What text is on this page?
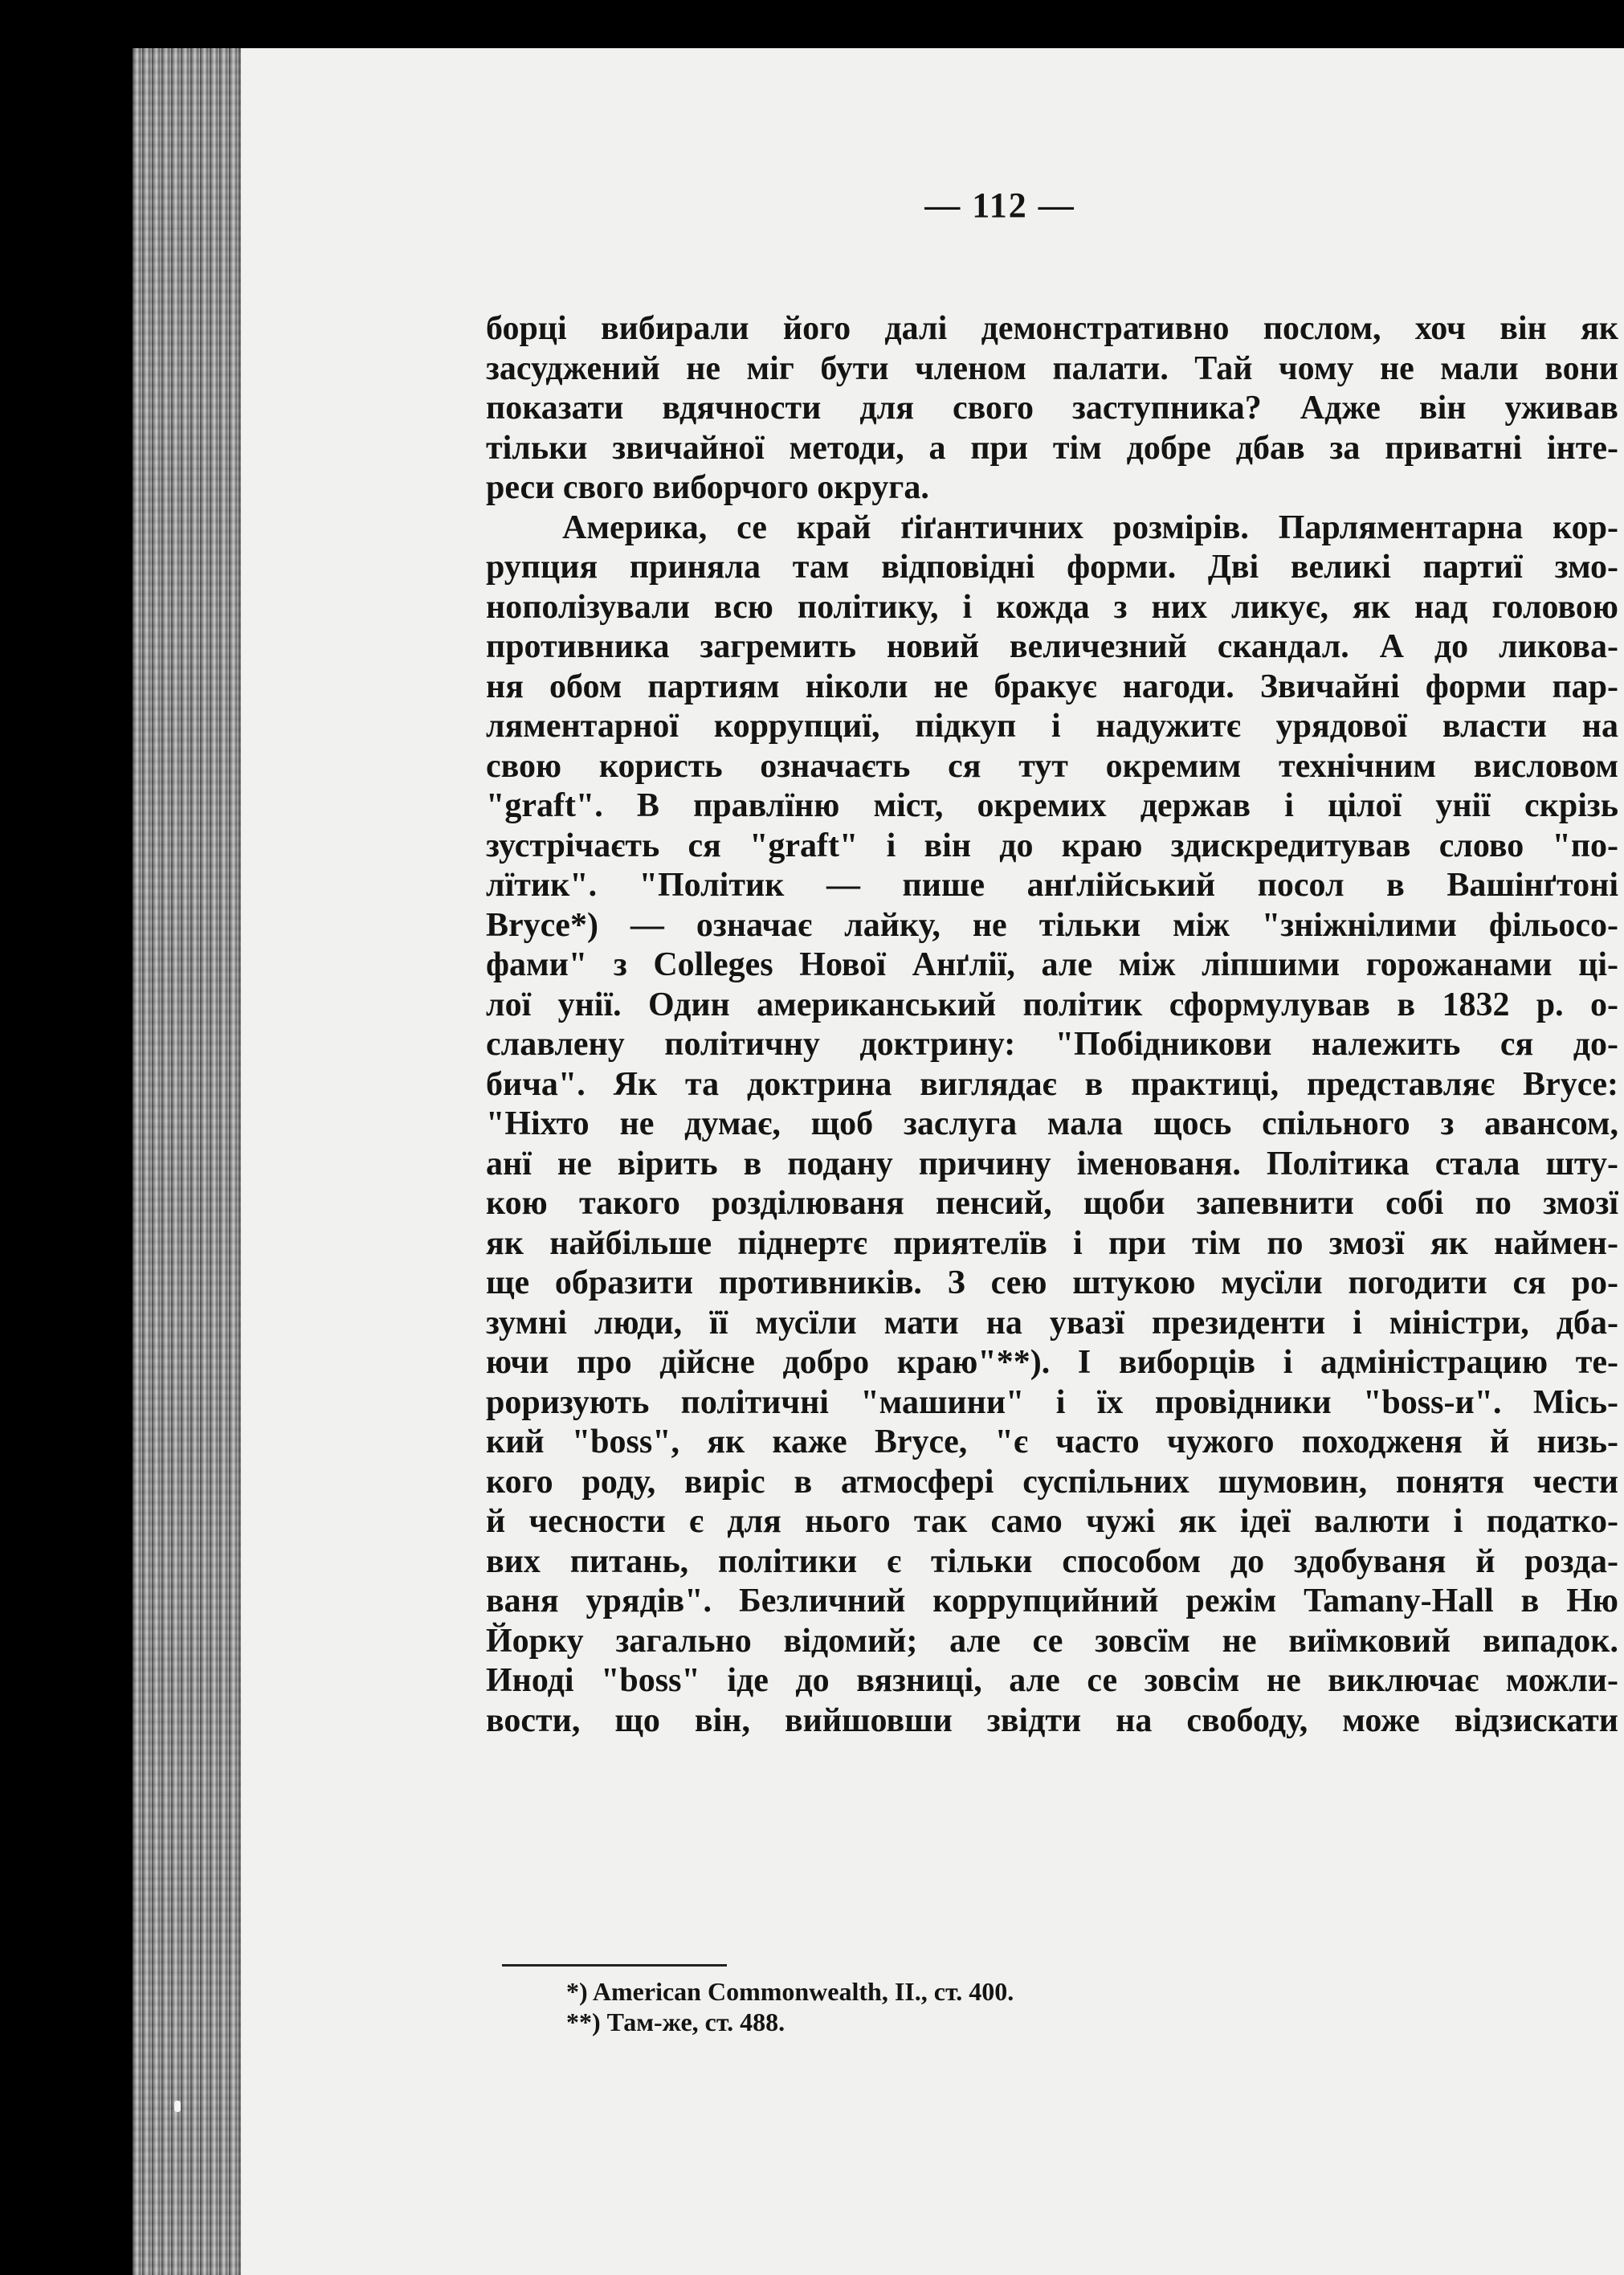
— 112 —
борці вибирали його далі демонстративно послом, хоч він як
засуджений не міг бути членом палати. Тай чому не мали вони
показати вдячности для свого заступника? Адже він уживав
тільки звичайної методи, а при тім добре дбав за приватні інте-
реси свого виборчого округа.
Америка, се край ґіґантичних розмірів. Парляментарна кор-
рупция приняла там відповідні форми. Дві великі партиї змо-
нополізували всю політику, і кожда з них ликує, як над головою
противника загремить новий величезний скандал. А до ликова-
ня обом партиям ніколи не бракує нагоди. Звичайні форми пар-
ляментарної коррупциї, підкуп і надужитє урядової власти на
свою користь означаєть ся тут окремим технічним висловом
"graft". В правлїню міст, окремих держав і цілої унії скрізь
зустрічаєть ся "graft" і він до краю здискредитував слово "по-
лїтик". "Політик — пише анґлійський посол в Вашінґтоні
Bryce*) — означає лайку, не тільки між "зніжнілими фільосо-
фами" з Colleges Нової Анґлії, але між ліпшими горожанами ці-
лої унії. Один американський політик сформулував в 1832 р. о-
славлену політичну доктрину: "Побідникови належить ся до-
бича". Як та доктрина виглядає в практиці, представляє Bryce:
"Ніхто не думає, щоб заслуга мала щось спільного з авансом,
анї не вірить в подану причину іменованя. Політика стала шту-
кою такого розділюваня пенсий, щоби запевнити собі по змозї
як найбільше піднертє приятелїв і при тім по змозї як наймен-
ще образити противників. З сею штукою мусїли погодити ся ро-
зумні люди, її мусїли мати на увазї президенти і міністри, дба-
ючи про дійсне добро краю"**). І виборців і адміністрацию те-
роризують політичні "машини" і їх провідники "boss-и". Місь-
кий "boss", як каже Bryce, "є часто чужого походженя й низь-
кого роду, виріс в атмосфері суспільних шумовин, понятя чести
й чесности є для нього так само чужі як ідеї валюти і податко-
вих питань, політики є тільки способом до здобуваня й розда-
ваня урядів". Безличний коррупцийний режім Tamany-Hall в Ню
Йорку загально відомий; але се зовсїм не виїмковий випадок.
Иноді "boss" іде до вязниці, але се зовсім не виключає можли-
вости, що він, вийшовши звідти на свободу, може відзискати
*) American Commonwealth, II., ст. 400.
**) Там-же, ст. 488.
